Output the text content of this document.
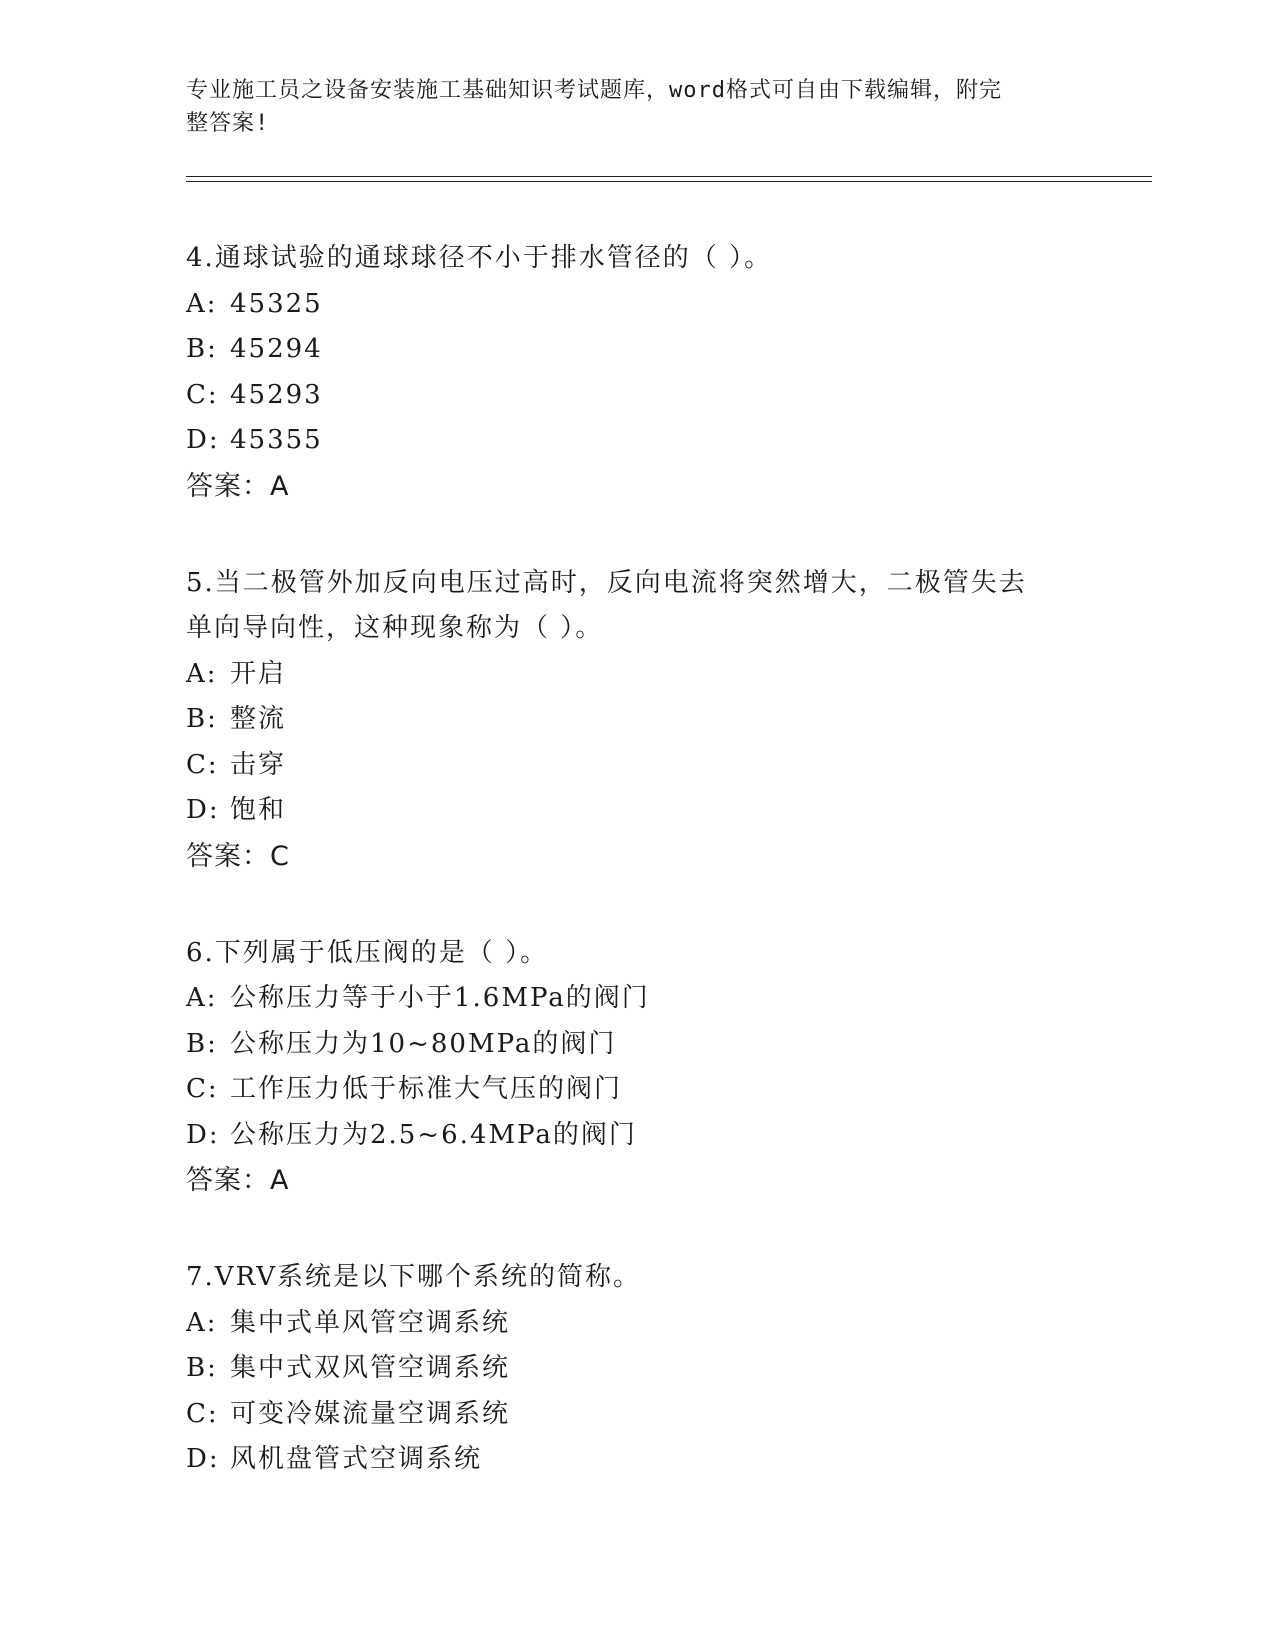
专业施工员之设备安装施工基础知识考试题库，word格式可自由下载编辑，附完
整答案!
4.通球试验的通球球径不小于排水管径的（ ）。
A: 45325
B: 45294
C: 45293
D: 45355
答案：A
5.当二极管外加反向电压过高时，反向电流将突然增大，二极管失去
单向导向性，这种现象称为（ ）。
A: 开启
B: 整流
C: 击穿
D: 饱和
答案：C
6.下列属于低压阀的是（ ）。
A: 公称压力等于小于1.6MPa的阀门
B: 公称压力为10~80MPa的阀门
C: 工作压力低于标准大气压的阀门
D: 公称压力为2.5~6.4MPa的阀门
答案：A
7.VRV系统是以下哪个系统的简称。
A: 集中式单风管空调系统
B: 集中式双风管空调系统
C: 可变冷媒流量空调系统
D: 风机盘管式空调系统
